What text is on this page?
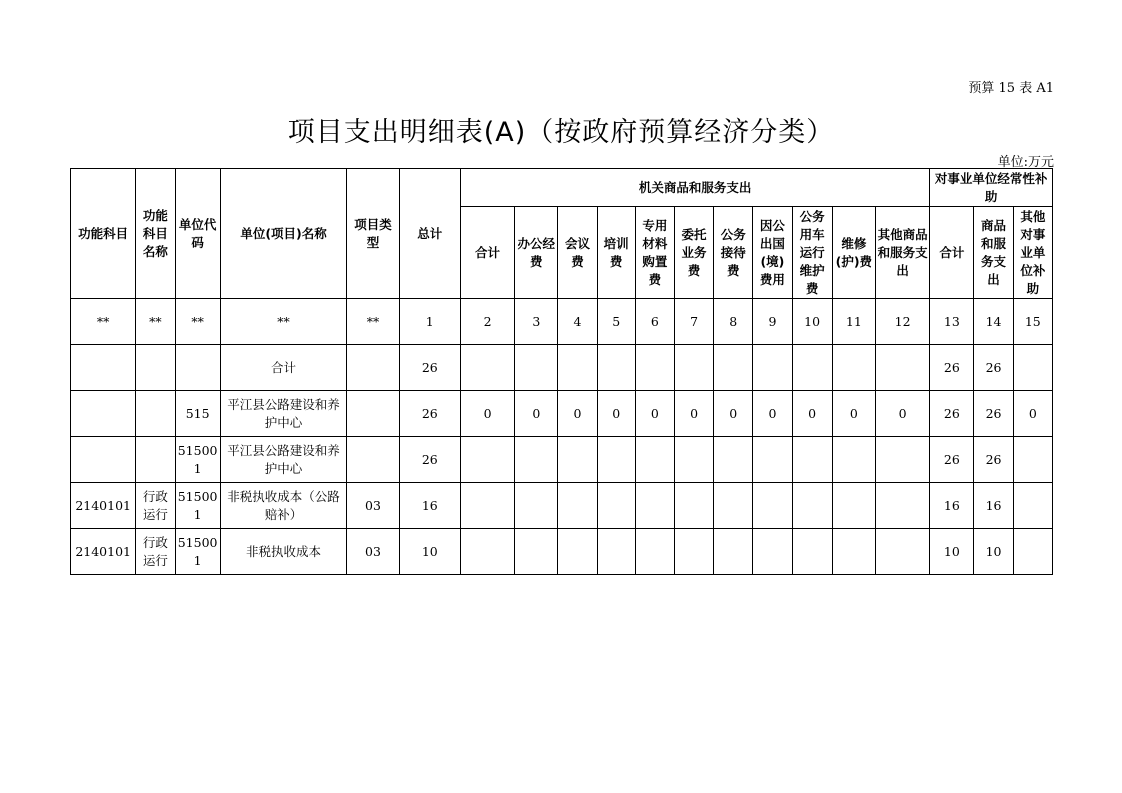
预算 15 表 A1
项目支出明细表(A)（按政府预算经济分类）
单位:万元
功能科目	功能科目名称	单位代码	单位(项目)名称	项目类型	总计	机关商品和服务支出											对事业单位经常性补助		
						合计	办公经费	会议费	培训费	专用材料购置费	委托业务费	公务接待费	因公出国(境)费用	公务用车运行维护费	维修(护)费	其他商品和服务支出	合计	商品和服务支出	其他对事业单位补助
**	**	**	**	**	1	2	3	4	5	6	7	8	9	10	11	12	13	14	15
			合计		26												26	26	
		515	平江县公路建设和养护中心		26	0	0	0	0	0	0	0	0	0	0	0	26	26	0
		515001	平江县公路建设和养护中心		26												26	26	
2140101	行政运行	515001	非税执收成本（公路赔补）	03	16												16	16	
2140101	行政运行	515001	非税执收成本	03	10												10	10	
